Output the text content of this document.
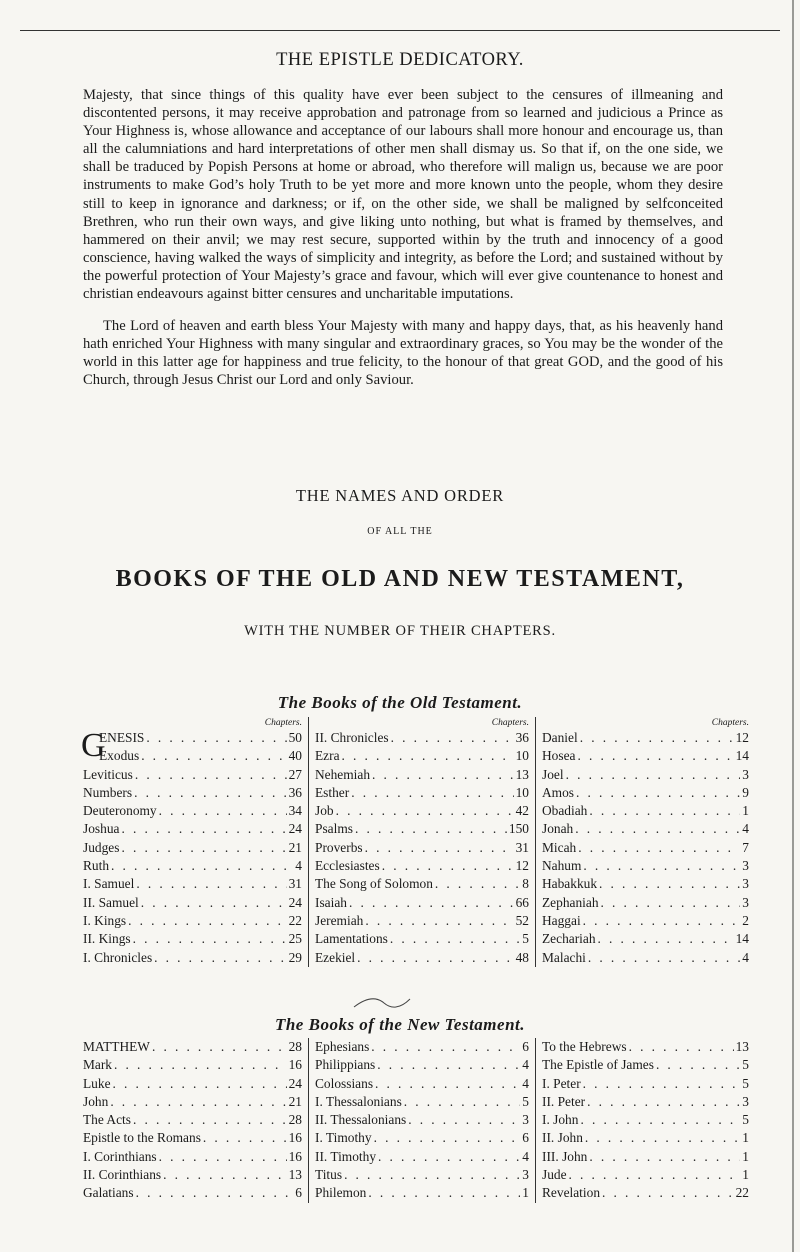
THE EPISTLE DEDICATORY.

Majesty, that since things of this quality have ever been subject to the censures of illmeaning and discontented persons, it may receive approbation and patronage from so learned and judicious a Prince as Your Highness is, whose allowance and acceptance of our labours shall more honour and encourage us, than all the calumniations and hard interpretations of other men shall dismay us. So that if, on the one side, we shall be traduced by Popish Persons at home or abroad, who therefore will malign us, because we are poor instruments to make God’s holy Truth to be yet more and more known unto the people, whom they desire still to keep in ignorance and darkness; or if, on the other side, we shall be maligned by selfconceited Brethren, who run their own ways, and give liking unto nothing, but what is framed by themselves, and hammered on their anvil; we may rest secure, supported within by the truth and innocency of a good conscience, having walked the ways of simplicity and integrity, as before the Lord; and sustained without by the powerful protection of Your Majesty’s grace and favour, which will ever give countenance to honest and christian endeavours against bitter censures and uncharitable imputations.

The Lord of heaven and earth bless Your Majesty with many and happy days, that, as his heavenly hand hath enriched Your Highness with many singular and extraordinary graces, so You may be the wonder of the world in this latter age for happiness and true felicity, to the honour of that great GOD, and the good of his Church, through Jesus Christ our Lord and only Saviour.

THE NAMES AND ORDER
OF ALL THE
BOOKS OF THE OLD AND NEW TESTAMENT,
WITH THE NUMBER OF THEIR CHAPTERS.
The Books of the Old Testament.
Chapters.
G
ENESIS . . .	50
Exodus . . .	40
Leviticus . . .	27
Numbers . . .	36
Deuteronomy . . .	34
Joshua . . .	24
Judges . . .	21
Ruth . . .	4
I. Samuel . . .	31
II. Samuel . . .	24
I. Kings . . .	22
II. Kings . . .	25
I. Chronicles . . .	29
Chapters.
II. Chronicles . . .	36
Ezra . . .	10
Nehemiah . . .	13
Esther . . .	10
Job . . .	42
Psalms . . .	150
Proverbs . . .	31
Ecclesiastes . . .	12
The Song of Solomon . . .	8
Isaiah . . .	66
Jeremiah . . .	52
Lamentations . . .	5
Ezekiel . . .	48
Chapters.
Daniel . . .	12
Hosea . . .	14
Joel . . .	3
Amos . . .	9
Obadiah . . .	1
Jonah . . .	4
Micah . . .	7
Nahum . . .	3
Habakkuk . . .	3
Zephaniah . . .	3
Haggai . . .	2
Zechariah . . .	14
Malachi . . .	4
The Books of the New Testament.
MATTHEW . . .	28
Mark . . .	16
Luke . . .	24
John . . .	21
The Acts . . .	28
Epistle to the Romans . . .	16
I. Corinthians . . .	16
II. Corinthians . . .	13
Galatians . . .	6
Ephesians . . .	6
Philippians . . .	4
Colossians . . .	4
I. Thessalonians . . .	5
II. Thessalonians . . .	3
I. Timothy . . .	6
II. Timothy . . .	4
Titus . . .	3
Philemon . . .	1
To the Hebrews . . .	13
The Epistle of James . . .	5
I. Peter . . .	5
II. Peter . . .	3
I. John . . .	5
II. John . . .	1
III. John . . .	1
Jude . . .	1
Revelation . . .	22
